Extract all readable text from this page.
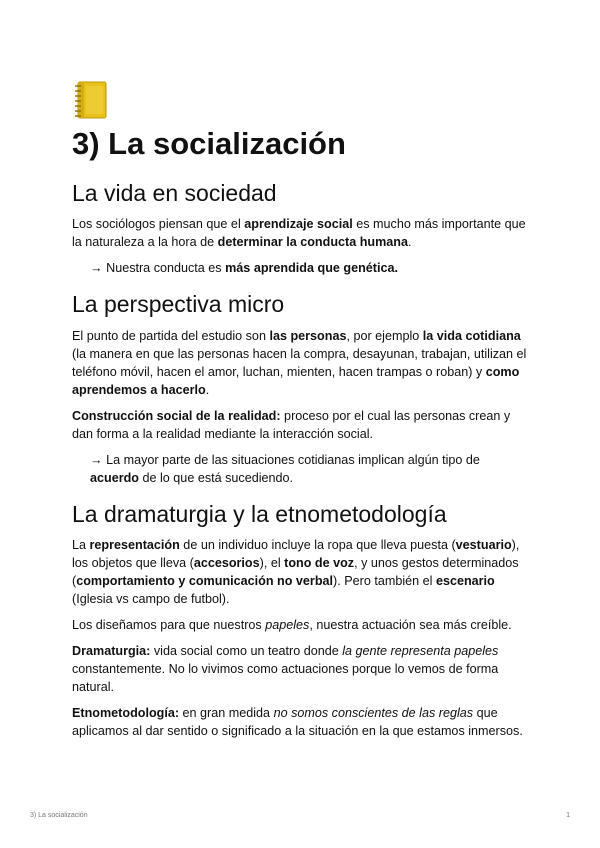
3) La socialización
La vida en sociedad

Los sociólogos piensan que el aprendizaje social es mucho más importante que la naturaleza a la hora de determinar la conducta humana.

→ Nuestra conducta es más aprendida que genética.

La perspectiva micro

El punto de partida del estudio son las personas, por ejemplo la vida cotidiana (la manera en que las personas hacen la compra, desayunan, trabajan, utilizan el teléfono móvil, hacen el amor, luchan, mienten, hacen trampas o roban) y como aprendemos a hacerlo.

Construcción social de la realidad: proceso por el cual las personas crean y dan forma a la realidad mediante la interacción social.

→ La mayor parte de las situaciones cotidianas implican algún tipo de acuerdo de lo que está sucediendo.

La dramaturgia y la etnometodología

La representación de un individuo incluye la ropa que lleva puesta (vestuario), los objetos que lleva (accesorios), el tono de voz, y unos gestos determinados (comportamiento y comunicación no verbal). Pero también el escenario (Iglesia vs campo de futbol).

Los diseñamos para que nuestros papeles, nuestra actuación sea más creíble.

Dramaturgia: vida social como un teatro donde la gente representa papeles constantemente. No lo vivimos como actuaciones porque lo vemos de forma natural.

Etnometodología: en gran medida no somos conscientes de las reglas que aplicamos al dar sentido o significado a la situación en la que estamos inmersos.

3) La socialización	1
